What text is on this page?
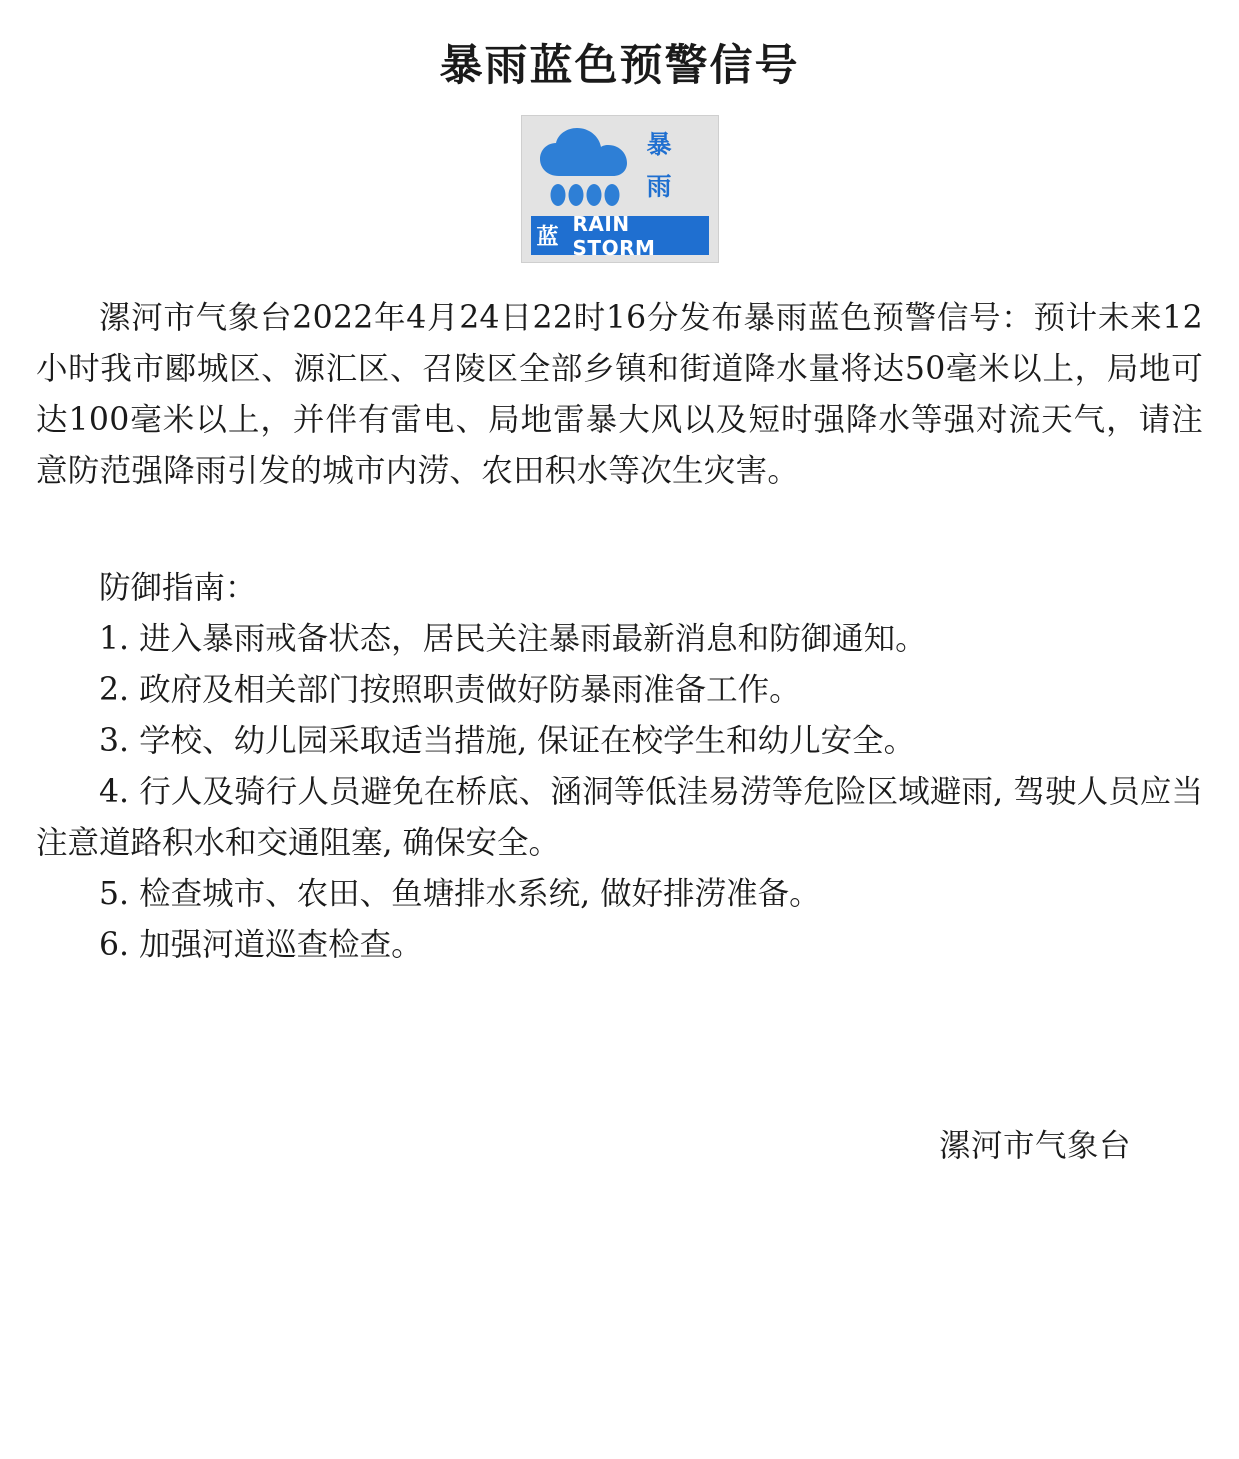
暴雨蓝色预警信号
暴
雨
蓝
RAIN STORM

漯河市气象台2022年4月24日22时16分发布暴雨蓝色预警信号：预计未来12小时我市郾城区、源汇区、召陵区全部乡镇和街道降水量将达50毫米以上，局地可达100毫米以上，并伴有雷电、局地雷暴大风以及短时强降水等强对流天气，请注意防范强降雨引发的城市内涝、农田积水等次生灾害。

防御指南：

1. 进入暴雨戒备状态，居民关注暴雨最新消息和防御通知。
2. 政府及相关部门按照职责做好防暴雨准备工作。
3. 学校、幼儿园采取适当措施, 保证在校学生和幼儿安全。
4. 行人及骑行人员避免在桥底、涵洞等低洼易涝等危险区域避雨, 驾驶人员应当注意道路积水和交通阻塞, 确保安全。
5. 检查城市、农田、鱼塘排水系统, 做好排涝准备。
6. 加强河道巡查检查。
漯河市气象台
